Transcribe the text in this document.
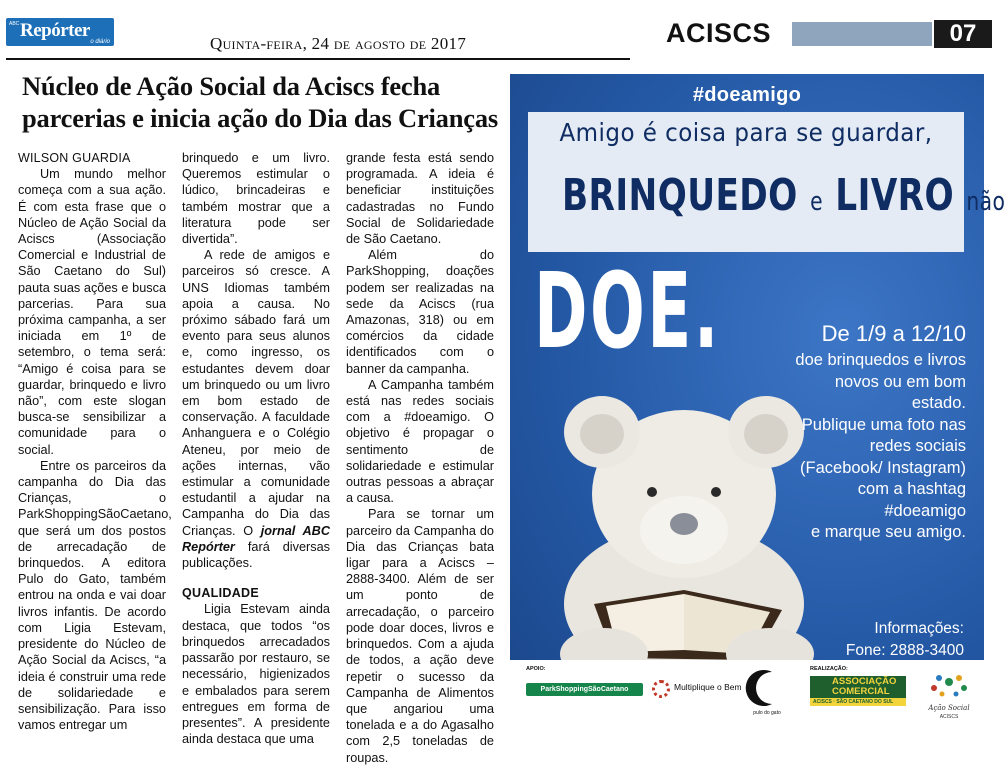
ABC Repórter
o diário	Quinta-feira, 24 de agosto de 2017	ACISCS	07
Núcleo de Ação Social da Aciscs fecha parcerias e inicia ação do Dia das Crianças

WILSON GUARDIA

Um mundo melhor começa com a sua ação. É com esta frase que o Núcleo de Ação Social da Aciscs (Associação Comercial e Industrial de São Caetano do Sul) pauta suas ações e busca parcerias. Para sua próxima campanha, a ser iniciada em 1º de setembro, o tema será: “Amigo é coisa para se guardar, brinquedo e livro não”, com este slogan busca-se sensibilizar a comunidade para o social.

Entre os parceiros da campanha do Dia das Crianças, o ParkShoppingSãoCaetano, que será um dos postos de arrecadação de brinquedos. A editora Pulo do Gato, também entrou na onda e vai doar livros infantis. De acordo com Ligia Estevam, presidente do Núcleo de Ação Social da Aciscs, “a ideia é construir uma rede de solidariedade e sensibilização. Para isso vamos entregar um

brinquedo e um livro. Queremos estimular o lúdico, brincadeiras e também mostrar que a literatura pode ser divertida”.

A rede de amigos e parceiros só cresce. A UNS Idiomas também apoia a causa. No próximo sábado fará um evento para seus alunos e, como ingresso, os estudantes devem doar um brinquedo ou um livro em bom estado de conservação. A faculdade Anhanguera e o Colégio Ateneu, por meio de ações internas, vão estimular a comunidade estudantil a ajudar na Campanha do Dia das Crianças. O jornal ABC Repórter fará diversas publicações.

QUALIDADE

Ligia Estevam ainda destaca, que todos “os brinquedos arrecadados passarão por restauro, se necessário, higienizados e embalados para serem entregues em forma de presentes”. A presidente ainda destaca que uma

grande festa está sendo programada. A ideia é beneficiar instituições cadastradas no Fundo Social de Solidariedade de São Caetano.

Além do ParkShopping, doações podem ser realizadas na sede da Aciscs (rua Amazonas, 318) ou em comércios da cidade identificados com o banner da campanha.

A Campanha também está nas redes sociais com a #doeamigo. O objetivo é propagar o sentimento de solidariedade e estimular outras pessoas a abraçar a causa.

Para se tornar um parceiro da Campanha do Dia das Crianças bata ligar para a Aciscs – 2888-3400. Além de ser um ponto de arrecadação, o parceiro pode doar doces, livros e brinquedos. Com a ajuda de todos, a ação deve repetir o sucesso da Campanha de Alimentos que angariou uma tonelada e a do Agasalho com 2,5 toneladas de roupas.

#doeamigo
Amigo é coisa para se guardar,
BRINQUEDO e LIVRO não
DOE.	De 1/9 a 12/10
doe brinquedos e livros
novos ou em bom estado.
Publique uma foto nas
redes sociais
(Facebook/ Instagram)
com a hashtag
#doeamigo
e marque seu amigo.
Informações:
Fone: 2888-3400
APOIO:
ParkShoppingSãoCaetano	Multiplique o Bem
pulo do gato
REALIZAÇÃO:
ASSOCIAÇÃO
COMERCIAL
ACISCS · SÃO CAETANO DO SUL
Ação Social
ACISCS
